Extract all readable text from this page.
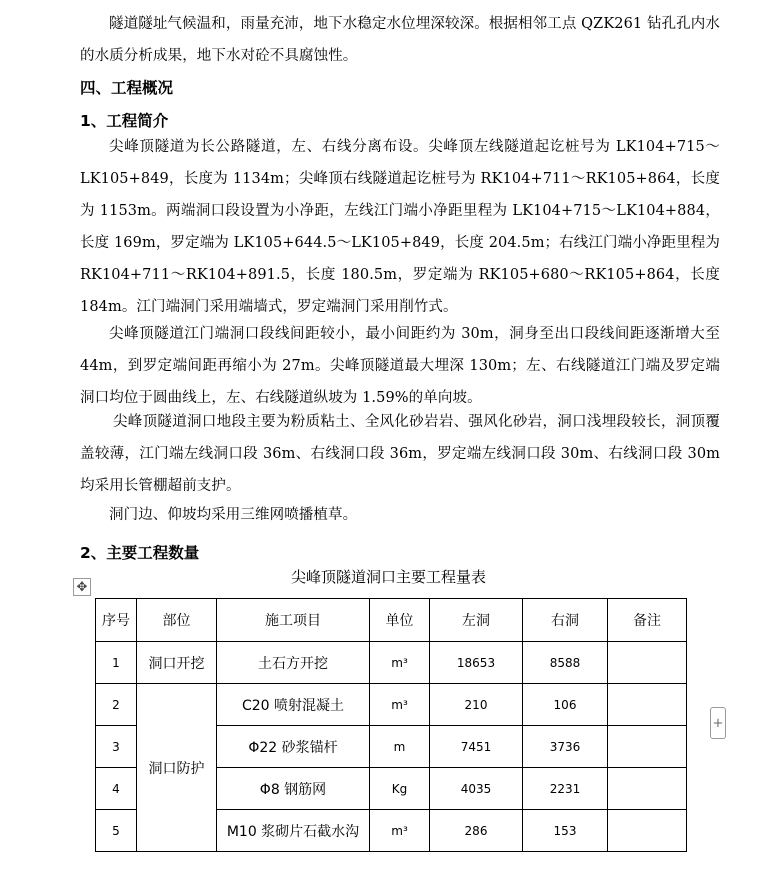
隧道隧址气候温和，雨量充沛，地下水稳定水位埋深较深。根据相邻工点 QZK261 钻孔孔内水的水质分析成果，地下水对砼不具腐蚀性。

四、工程概况
1、工程简介

尖峰顶隧道为长公路隧道，左、右线分离布设。尖峰顶左线隧道起讫桩号为 LK104+715～LK105+849，长度为 1134m；尖峰顶右线隧道起讫桩号为 RK104+711～RK105+864，长度为 1153m。两端洞口段设置为小净距，左线江门端小净距里程为 LK104+715～LK104+884，长度 169m，罗定端为 LK105+644.5～LK105+849，长度 204.5m；右线江门端小净距里程为 RK104+711～RK104+891.5，长度 180.5m，罗定端为 RK105+680～RK105+864，长度 184m。江门端洞门采用端墙式，罗定端洞门采用削竹式。

尖峰顶隧道江门端洞口段线间距较小，最小间距约为 30m，洞身至出口段线间距逐渐增大至 44m，到罗定端间距再缩小为 27m。尖峰顶隧道最大埋深 130m；左、右线隧道江门端及罗定端洞口均位于圆曲线上，左、右线隧道纵坡为 1.59%的单向坡。

尖峰顶隧道洞口地段主要为粉质粘土、全风化砂岩岩、强风化砂岩，洞口浅埋段较长，洞顶覆盖较薄，江门端左线洞口段 36m、右线洞口段 36m，罗定端左线洞口段 30m、右线洞口段 30m 均采用长管棚超前支护。

洞门边、仰坡均采用三维网喷播植草。

2、主要工程数量
尖峰顶隧道洞口主要工程量表
✥
序号	部位	施工项目	单位	左洞	右洞	备注
1	洞口开挖	土石方开挖	m³	18653	8588	
2	洞口防护	C20 喷射混凝土	m³	210	106	
3		Φ22 砂浆锚杆	m	7451	3736	
4		Φ8 钢筋网	Kg	4035	2231	
5		M10 浆砌片石截水沟	m³	286	153	
+
